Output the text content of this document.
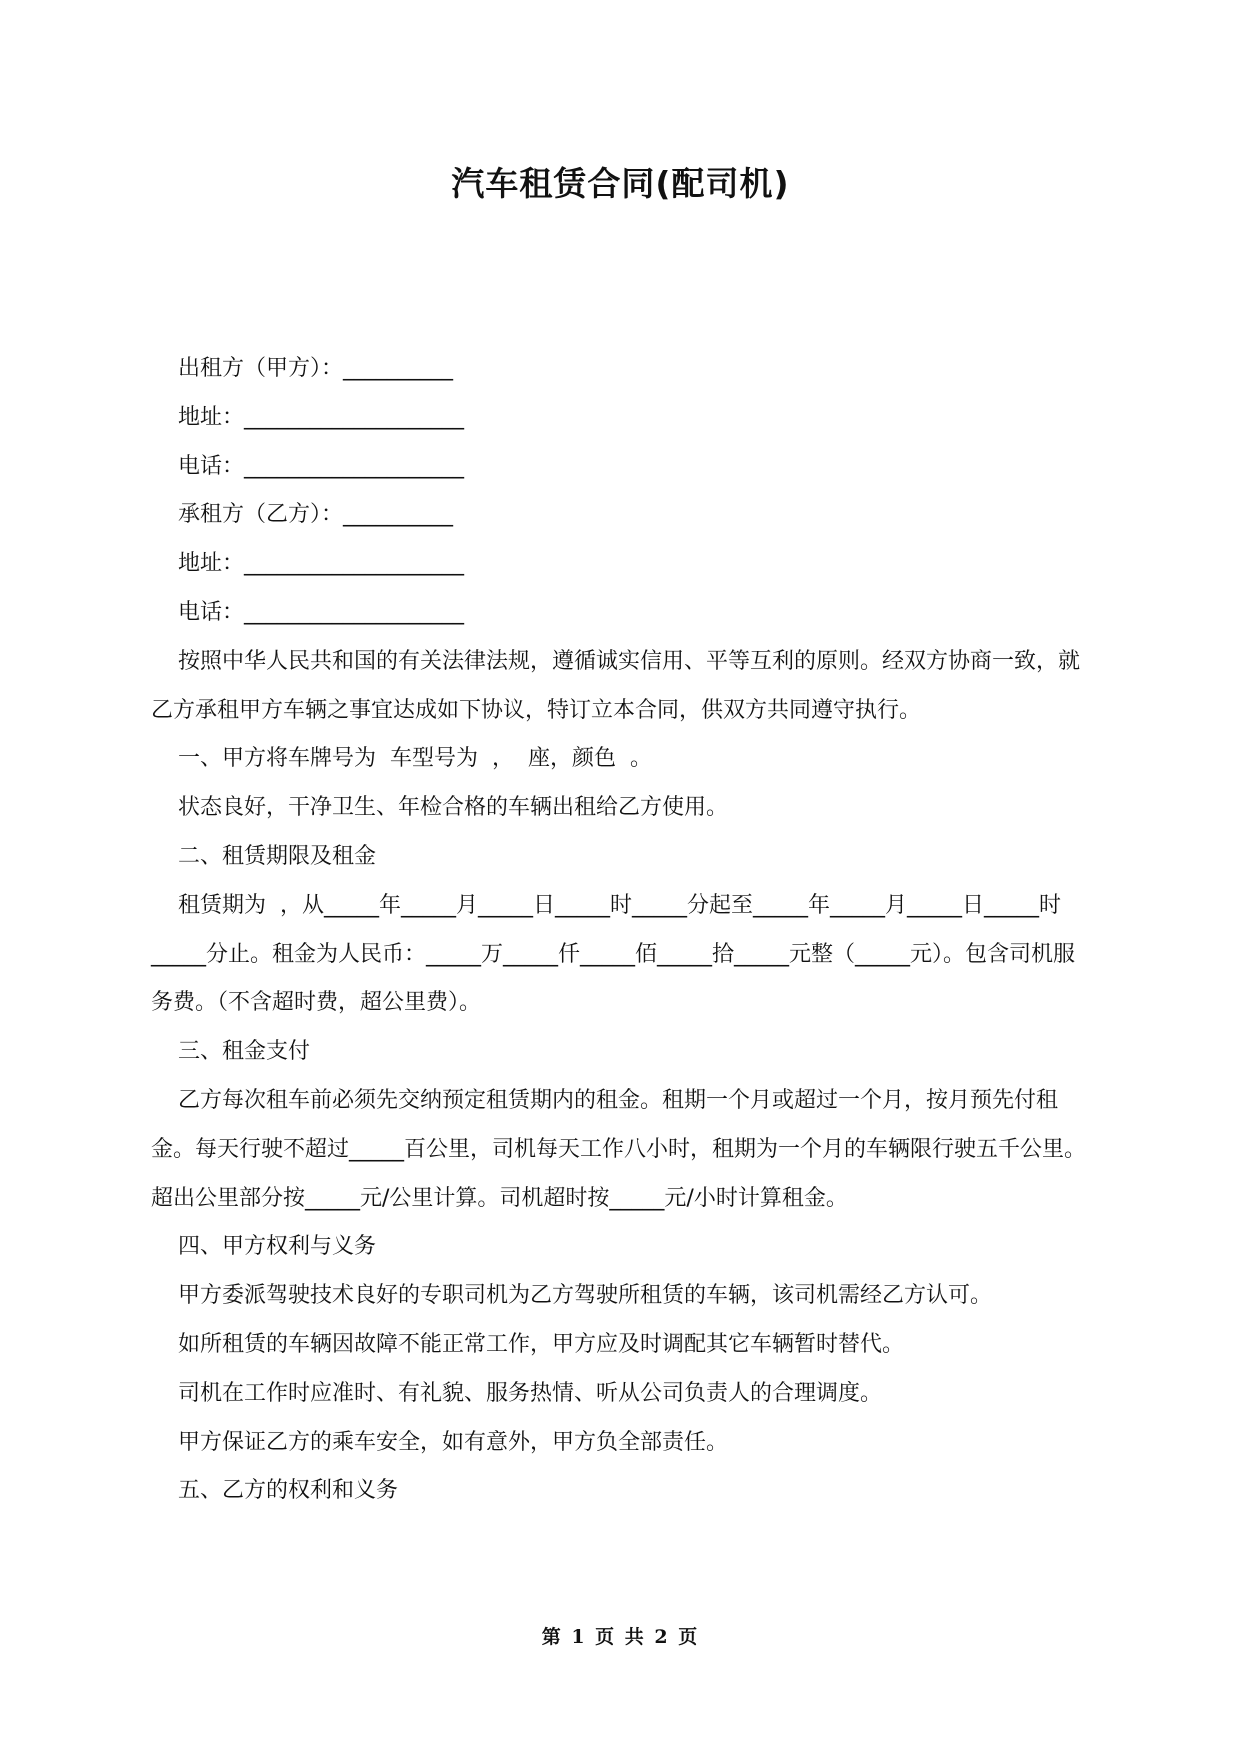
汽车租赁合同(配司机)

出租方（甲方）：__________

地址：____________________

电话：____________________

承租方（乙方）：__________

地址：____________________

电话：____________________

按照中华人民共和国的有关法律法规，遵循诚实信用、平等互利的原则。经双方协商一致，就乙方承租甲方车辆之事宜达成如下协议，特订立本合同，供双方共同遵守执行。

一、甲方将车牌号为  车型号为  ，  座，颜色  。

状态良好，干净卫生、年检合格的车辆出租给乙方使用。

二、租赁期限及租金

租赁期为  ，从_____年_____月_____日_____时_____分起至_____年_____月_____日_____时_____分止。租金为人民币：_____万_____仟_____佰_____拾_____元整（_____元）。包含司机服务费。（不含超时费，超公里费）。

三、租金支付

乙方每次租车前必须先交纳预定租赁期内的租金。租期一个月或超过一个月，按月预先付租金。每天行驶不超过_____百公里，司机每天工作八小时，租期为一个月的车辆限行驶五千公里。超出公里部分按_____元/公里计算。司机超时按_____元/小时计算租金。

四、甲方权利与义务

甲方委派驾驶技术良好的专职司机为乙方驾驶所租赁的车辆，该司机需经乙方认可。

如所租赁的车辆因故障不能正常工作，甲方应及时调配其它车辆暂时替代。

司机在工作时应准时、有礼貌、服务热情、听从公司负责人的合理调度。

甲方保证乙方的乘车安全，如有意外，甲方负全部责任。

五、乙方的权利和义务

第 1 页 共 2 页
